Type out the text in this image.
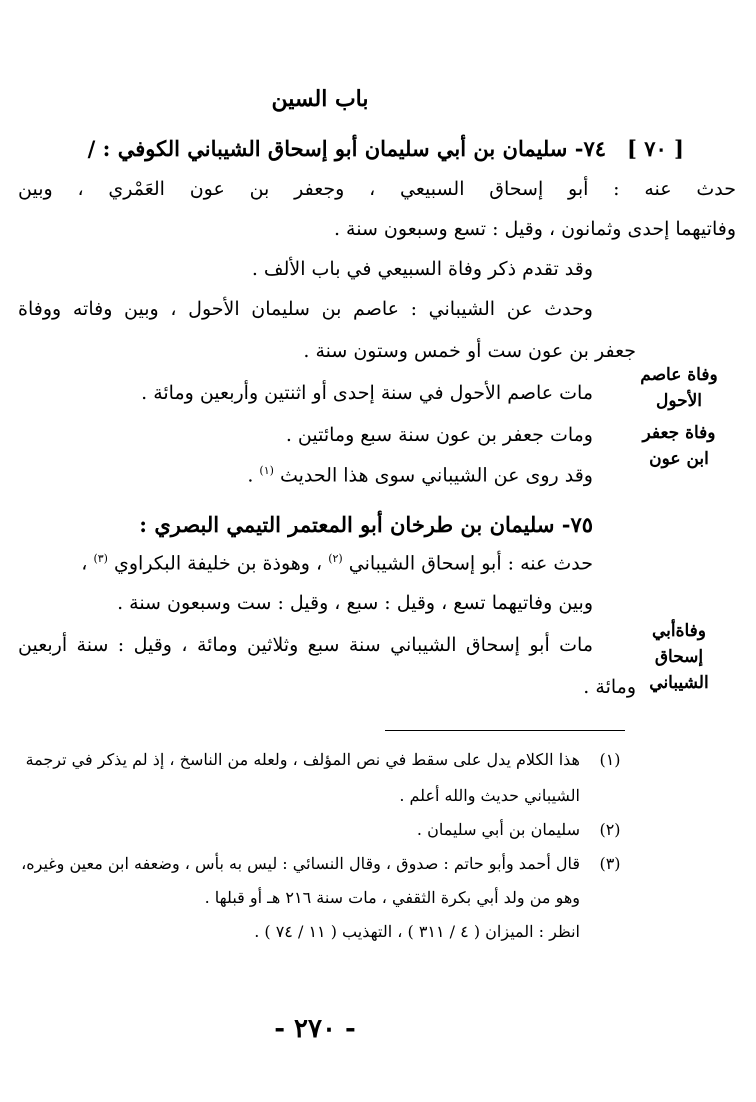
باب السين
[ ٧٠ ]
٧٤- سليمان بن أبي سليمان أبو إسحاق الشيباني الكوفي : /
حدث عنه : أبو إسحاق السبيعي ، وجعفر بن عون العَمْري ، وبين
وفاتيهما إحدى وثمانون ، وقيل : تسع وسبعون سنة .
وقد تقدم ذكر وفاة السبيعي في باب الألف .
وحدث عن الشيباني : عاصم بن سليمان الأحول ، وبين وفاته ووفاة
جعفر بن عون ست أو خمس وستون سنة .
مات عاصم الأحول في سنة إحدى أو اثنتين وأربعين ومائة .
ومات جعفر بن عون سنة سبع ومائتين .
وقد روى عن الشيباني سوى هذا الحديث $^{(١)}$ .
وفاة عاصم الأحول
وفاة جعفر ابن عون
وفاةأبي إسحاق الشيباني
٧٥- سليمان بن طرخان أبو المعتمر التيمي البصري :
حدث عنه : أبو إسحاق الشيباني $^{(٢)}$ ، وهوذة بن خليفة البكراوي $^{(٣)}$ ،
وبين وفاتيهما تسع ، وقيل : سبع ، وقيل : ست وسبعون سنة .
مات أبو إسحاق الشيباني سنة سبع وثلاثين ومائة ، وقيل : سنة أربعين
ومائة .
(١)
هذا الكلام يدل على سقط في نص المؤلف ، ولعله من الناسخ ، إذ لم يذكر في ترجمة
الشيباني حديث والله أعلم .
(٢)
سليمان بن أبي سليمان .
(٣)
قال أحمد وأبو حاتم : صدوق ، وقال النسائي : ليس به بأس ، وضعفه ابن معين وغيره،
وهو من ولد أبي بكرة الثقفي ، مات سنة ٢١٦ هـ أو قبلها .
انظر : الميزان ( ٤ / ٣١١ ) ، التهذيب ( ١١ / ٧٤ ) .
- ٢٧٠ -
